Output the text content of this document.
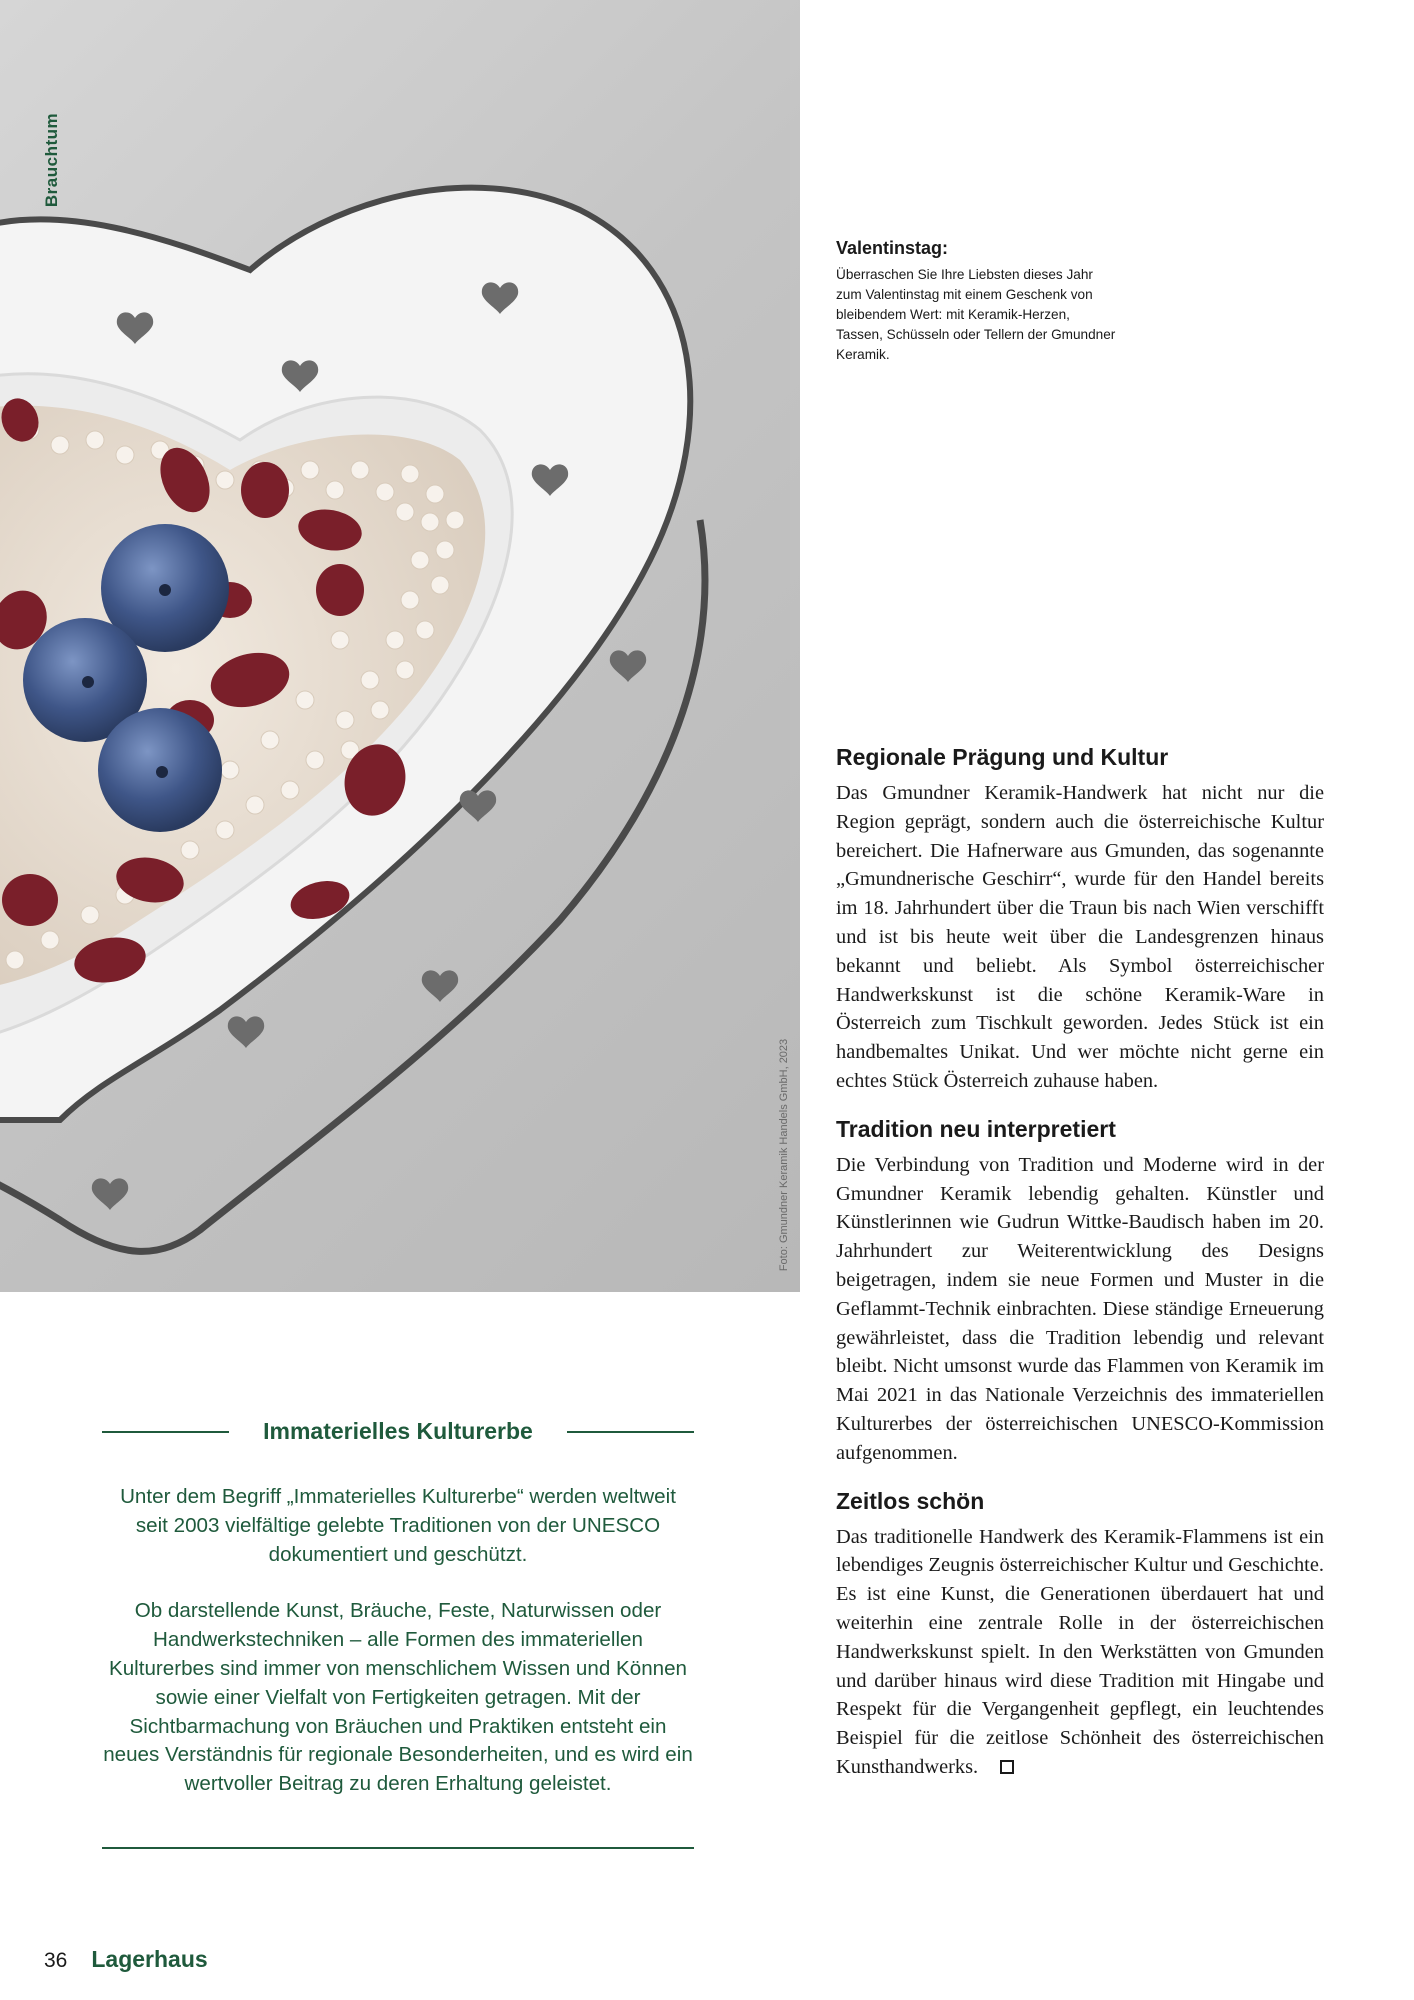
Brauchtum
Foto: Gmundner Keramik Handels GmbH, 2023
Valentinstag:
Überraschen Sie Ihre Liebsten dieses Jahr zum Valentinstag mit einem Geschenk von bleibendem Wert: mit Keramik-Herzen, Tassen, Schüsseln oder Tellern der Gmundner Keramik.
Regionale Prägung und Kultur

Das Gmundner Keramik-Handwerk hat nicht nur die Region geprägt, sondern auch die österreichische Kultur bereichert. Die Hafnerware aus Gmunden, das sogenannte „Gmundnerische Geschirr“, wurde für den Handel bereits im 18. Jahrhundert über die Traun bis nach Wien verschifft und ist bis heute weit über die Landesgrenzen hinaus bekannt und beliebt. Als Symbol österreichischer Handwerkskunst ist die schöne Keramik-Ware in Österreich zum Tischkult geworden. Jedes Stück ist ein handbemaltes Unikat. Und wer möchte nicht gerne ein echtes Stück Österreich zuhause haben.

Tradition neu interpretiert

Die Verbindung von Tradition und Moderne wird in der Gmundner Keramik lebendig gehalten. Künstler und Künstlerinnen wie Gudrun Wittke-Baudisch haben im 20. Jahrhundert zur Weiterentwicklung des Designs beigetragen, indem sie neue Formen und Muster in die Geflammt-Technik einbrachten. Diese ständige Erneuerung gewährleistet, dass die Tradition lebendig und relevant bleibt. Nicht umsonst wurde das Flammen von Keramik im Mai 2021 in das Nationale Verzeichnis des immateriellen Kulturerbes der österreichischen UNESCO-Kommission aufgenommen.

Zeitlos schön

Das traditionelle Handwerk des Keramik-Flammens ist ein lebendiges Zeugnis österreichischer Kultur und Geschichte. Es ist eine Kunst, die Generationen überdauert hat und weiterhin eine zentrale Rolle in der österreichischen Handwerkskunst spielt. In den Werkstätten von Gmunden und darüber hinaus wird diese Tradition mit Hingabe und Respekt für die Vergangenheit gepflegt, ein leuchtendes Beispiel für die zeitlose Schönheit des österreichischen Kunsthandwerks.

Immaterielles Kulturerbe

Unter dem Begriff „Immaterielles Kulturerbe“ werden weltweit seit 2003 vielfältige gelebte Traditionen von der UNESCO dokumentiert und geschützt.

Ob darstellende Kunst, Bräuche, Feste, Naturwissen oder Handwerkstechniken – alle Formen des immateriellen Kulturerbes sind immer von menschlichem Wissen und Können sowie einer Vielfalt von Fertigkeiten getragen. Mit der Sichtbarmachung von Bräuchen und Praktiken entsteht ein neues Verständnis für regionale Besonderheiten, und es wird ein wertvoller Beitrag zu deren Erhaltung geleistet.

36 Lagerhaus
